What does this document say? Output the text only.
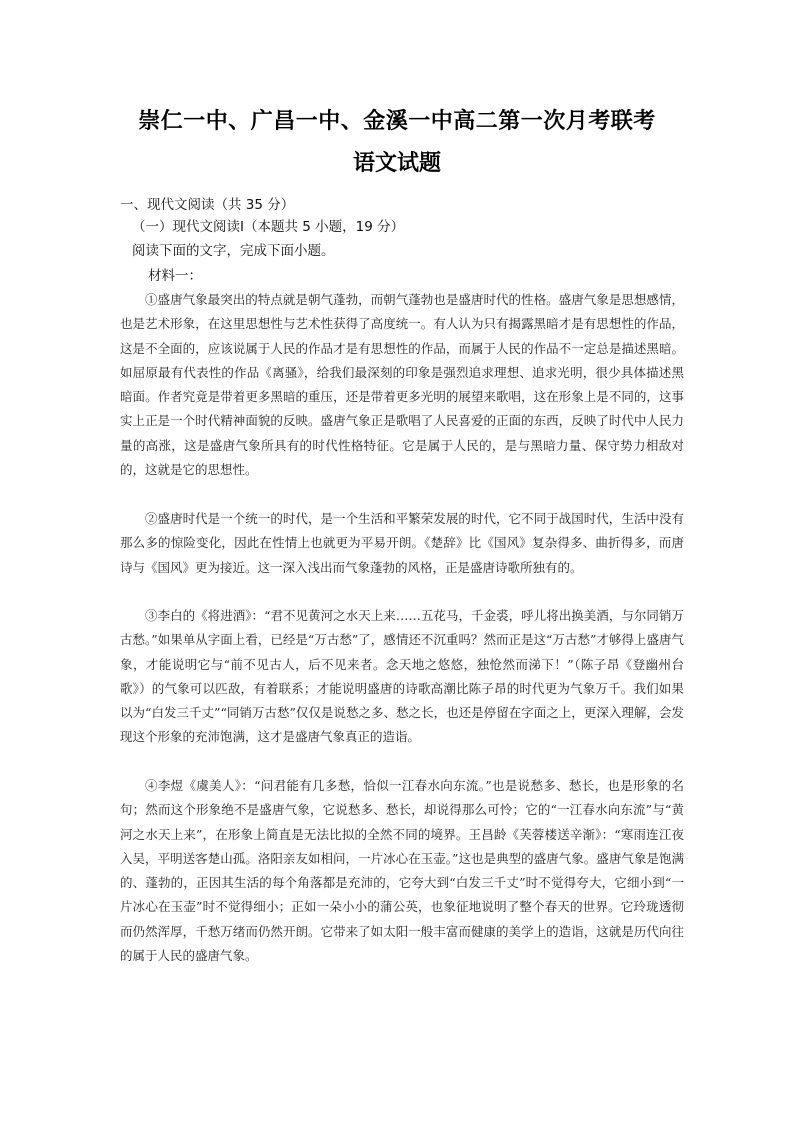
崇仁一中、广昌一中、金溪一中高二第一次月考联考
语文试题
一、现代文阅读（共 35 分）
（一）现代文阅读Ⅰ（本题共 5 小题，19 分）
阅读下面的文字，完成下面小题。
材料一：
①盛唐气象最突出的特点就是朝气蓬勃，而朝气蓬勃也是盛唐时代的性格。盛唐气象是思想感情，也是艺术形象，在这里思想性与艺术性获得了高度统一。有人认为只有揭露黑暗才是有思想性的作品，这是不全面的，应该说属于人民的作品才是有思想性的作品，而属于人民的作品不一定总是描述黑暗。如屈原最有代表性的作品《离骚》，给我们最深刻的印象是强烈追求理想、追求光明，很少具体描述黑暗面。作者究竟是带着更多黑暗的重压，还是带着更多光明的展望来歌唱，这在形象上是不同的，这事实上正是一个时代精神面貌的反映。盛唐气象正是歌唱了人民喜爱的正面的东西，反映了时代中人民力量的高涨，这是盛唐气象所具有的时代性格特征。它是属于人民的，是与黑暗力量、保守势力相敌对的，这就是它的思想性。
②盛唐时代是一个统一的时代，是一个生活和平繁荣发展的时代，它不同于战国时代，生活中没有那么多的惊险变化，因此在性情上也就更为平易开朗。《楚辞》比《国风》复杂得多、曲折得多，而唐诗与《国风》更为接近。这一深入浅出而气象蓬勃的风格，正是盛唐诗歌所独有的。
③李白的《将进酒》：“君不见黄河之水天上来……五花马，千金裘，呼儿将出换美酒，与尔同销万古愁。”如果单从字面上看，已经是“万古愁”了，感情还不沉重吗？然而正是这“万古愁”才够得上盛唐气象，才能说明它与“前不见古人，后不见来者。念天地之悠悠，独怆然而涕下！”（陈子昂《登幽州台歌》）的气象可以匹敌，有着联系；才能说明盛唐的诗歌高潮比陈子昂的时代更为气象万千。我们如果以为“白发三千丈”“同销万古愁”仅仅是说愁之多、愁之长，也还是停留在字面之上，更深入理解，会发现这个形象的充沛饱满，这才是盛唐气象真正的造诣。
④李煜《虞美人》：“问君能有几多愁，恰似一江春水向东流。”也是说愁多、愁长，也是形象的名句；然而这个形象绝不是盛唐气象，它说愁多、愁长，却说得那么可怜；它的“一江春水向东流”与“黄河之水天上来”，在形象上简直是无法比拟的全然不同的境界。王昌龄《芙蓉楼送辛渐》：“寒雨连江夜入吴，平明送客楚山孤。洛阳亲友如相问，一片冰心在玉壶。”这也是典型的盛唐气象。盛唐气象是饱满的、蓬勃的，正因其生活的每个角落都是充沛的，它夸大到“白发三千丈”时不觉得夸大，它细小到“一片冰心在玉壶”时不觉得细小；正如一朵小小的蒲公英，也象征地说明了整个春天的世界。它玲珑透彻而仍然浑厚，千愁万绪而仍然开朗。它带来了如太阳一般丰富而健康的美学上的造诣，这就是历代向往的属于人民的盛唐气象。
